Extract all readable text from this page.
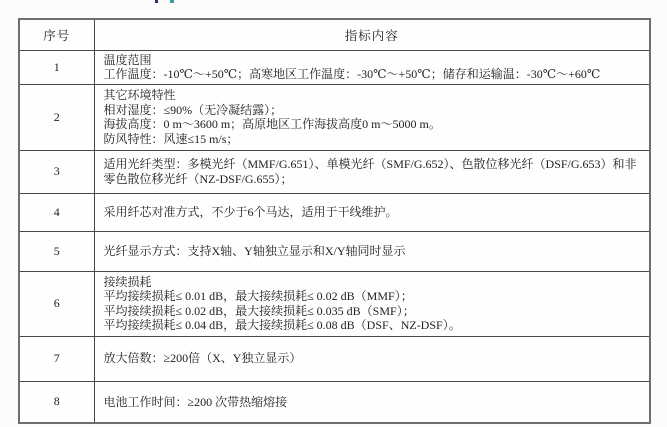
序号	指标内容
1	温度范围
工作温度：-10℃～+50℃；高寒地区工作温度：-30℃～+50℃；储存和运输温：-30℃～+60℃

2	其它环境特性
相对湿度：≤90%（无冷凝结露）；
海拔高度：0 m～3600 m；高原地区工作海拔高度0 m～5000 m。
防风特性：风速≤15 m/s；

3	适用光纤类型：多模光纤（MMF/G.651）、单模光纤（SMF/G.652）、色散位移光纤（DSF/G.653）和非零色散位移光纤（NZ-DSF/G.655）；

4	采用纤芯对准方式，不少于6个马达，适用于干线维护。

5	光纤显示方式：支持X轴、Y轴独立显示和X/Y轴同时显示

6	接续损耗
平均接续损耗≤ 0.01 dB，最大接续损耗≤ 0.02 dB（MMF）；
平均接续损耗≤ 0.02 dB，最大接续损耗≤ 0.035 dB（SMF）；
平均接续损耗≤ 0.04 dB，最大接续损耗≤ 0.08 dB（DSF、NZ-DSF）。

7	放大倍数：≥200倍（X、Y独立显示）

8	电池工作时间：≥200 次带热缩熔接
